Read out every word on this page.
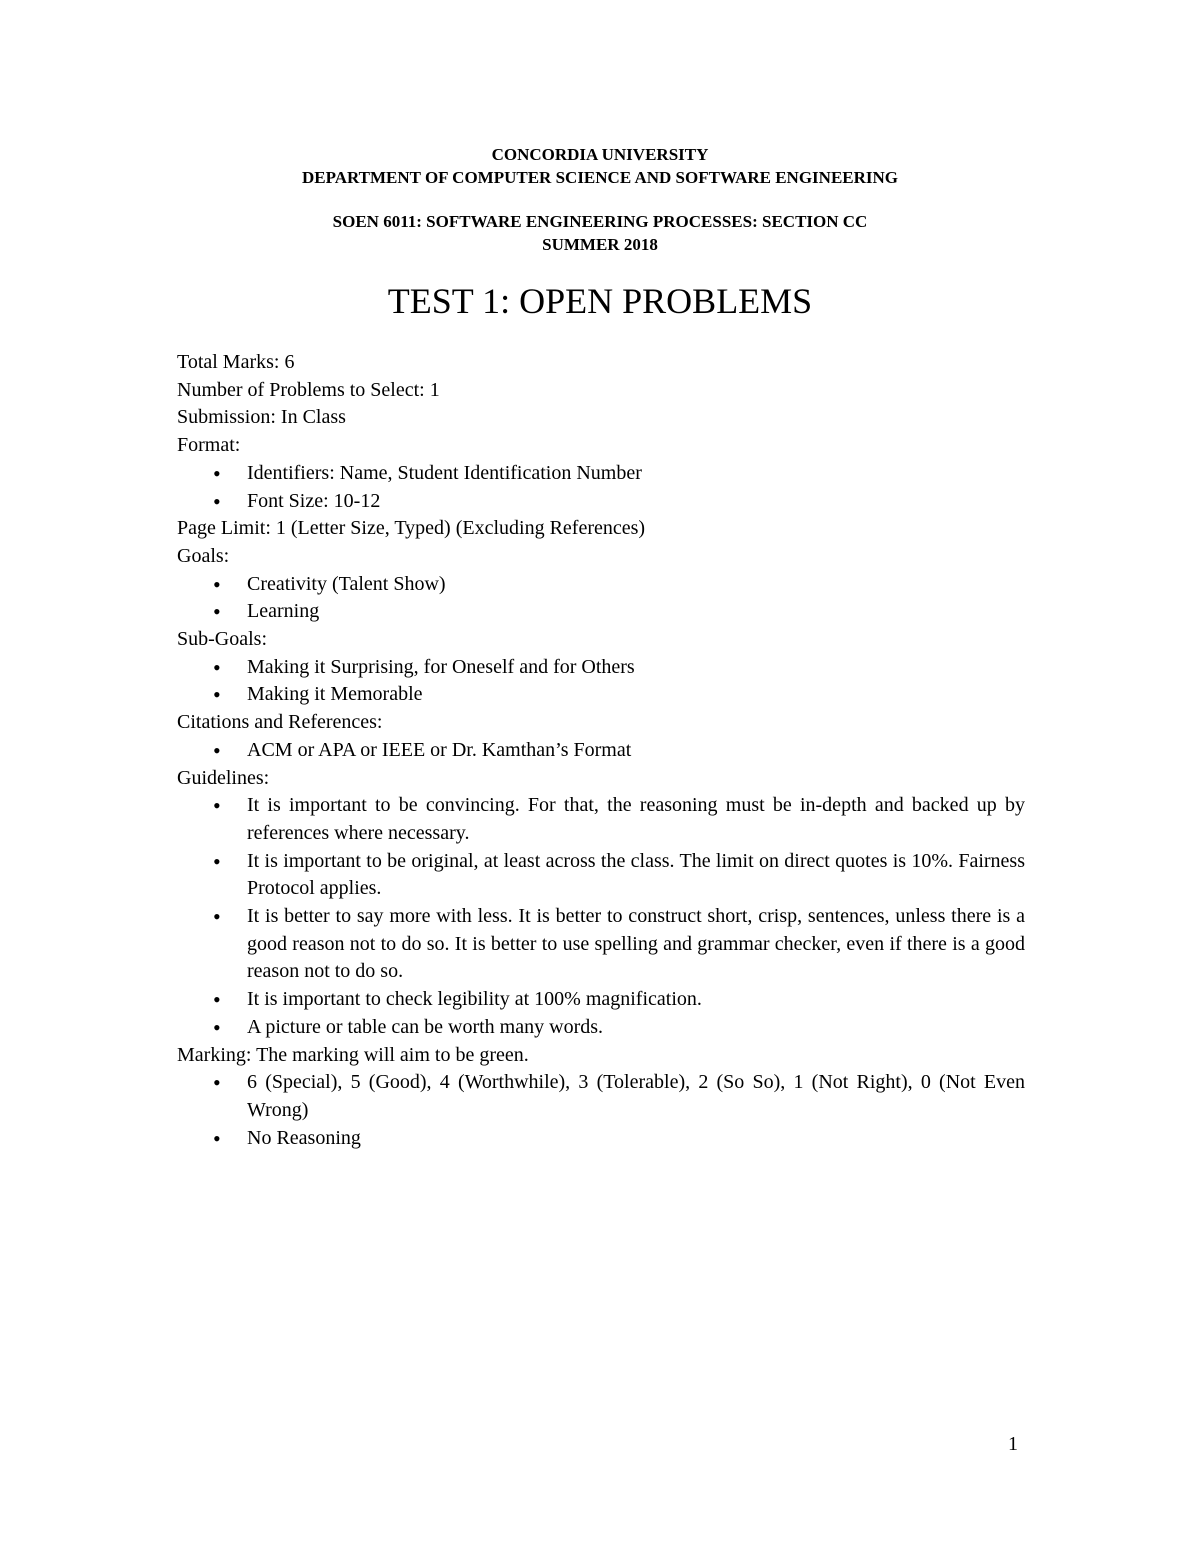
CONCORDIA UNIVERSITY
DEPARTMENT OF COMPUTER SCIENCE AND SOFTWARE ENGINEERING
SOEN 6011: SOFTWARE ENGINEERING PROCESSES: SECTION CC
SUMMER 2018
TEST 1: OPEN PROBLEMS

Total Marks: 6

Number of Problems to Select: 1

Submission: In Class

Format:

• Identifiers: Name, Student Identification Number
• Font Size: 10-12

Page Limit: 1 (Letter Size, Typed) (Excluding References)

Goals:

• Creativity (Talent Show)
• Learning

Sub-Goals:

• Making it Surprising, for Oneself and for Others
• Making it Memorable

Citations and References:

• ACM or APA or IEEE or Dr. Kamthan’s Format

Guidelines:

• It is important to be convincing. For that, the reasoning must be in-depth and backed up by references where necessary.
• It is important to be original, at least across the class. The limit on direct quotes is 10%. Fairness Protocol applies.
• It is better to say more with less. It is better to construct short, crisp, sentences, unless there is a good reason not to do so. It is better to use spelling and grammar checker, even if there is a good reason not to do so.
• It is important to check legibility at 100% magnification.
• A picture or table can be worth many words.

Marking: The marking will aim to be green.

• 6 (Special), 5 (Good), 4 (Worthwhile), 3 (Tolerable), 2 (So So), 1 (Not Right), 0 (Not Even Wrong)
• No Reasoning
1
